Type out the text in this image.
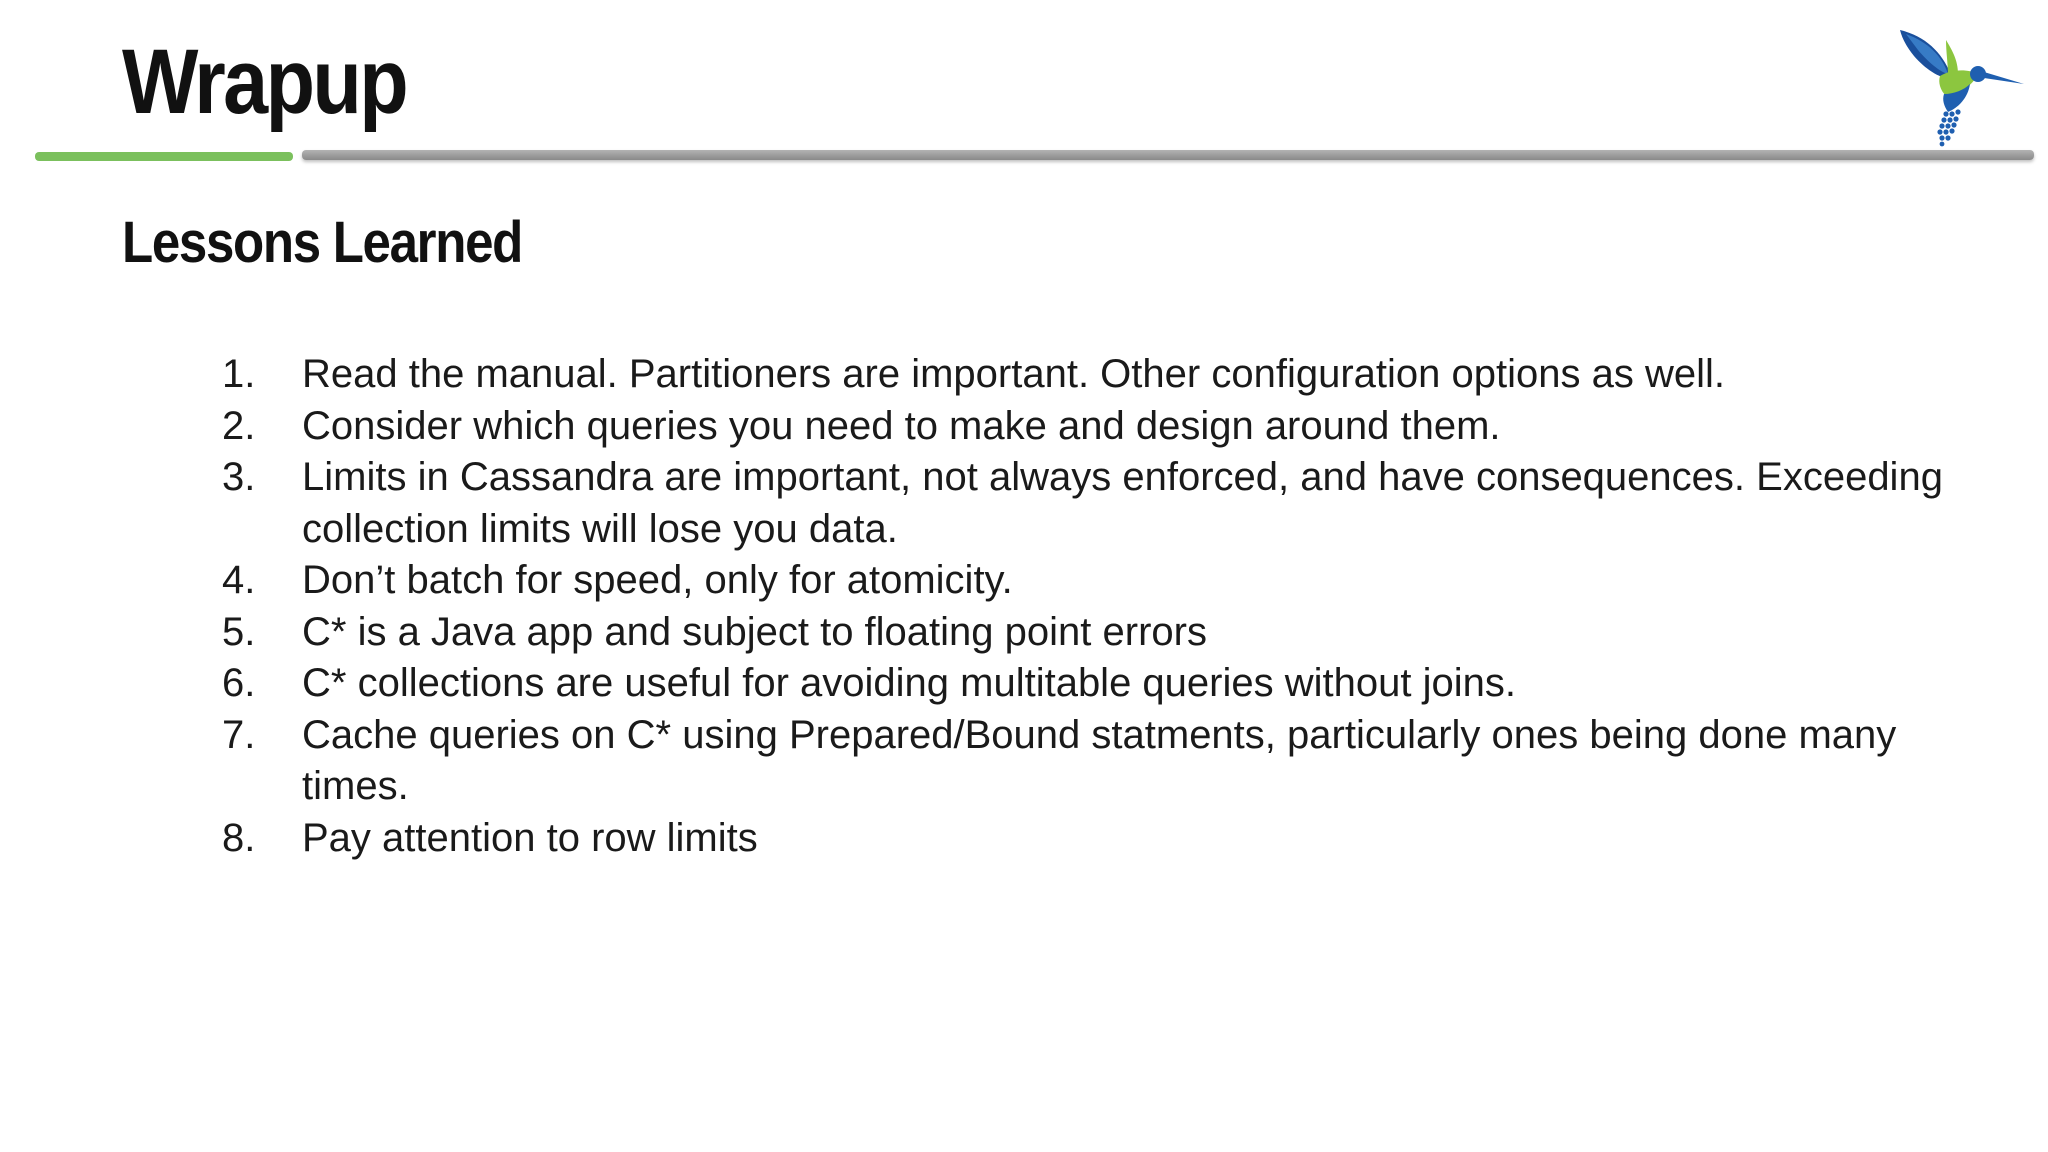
Wrapup
Lessons Learned
1.	Read the manual. Partitioners are important. Other configuration options as well.
2.	Consider which queries you need to make and design around them.
3.	Limits in Cassandra are important, not always enforced, and have consequences. Exceeding collection limits will lose you data.
4.	Don’t batch for speed, only for atomicity.
5.	C* is a Java app and subject to floating point errors
6.	C* collections are useful for avoiding multitable queries without joins.
7.	Cache queries on C* using Prepared/Bound statments, particularly ones being done many times.
8.	Pay attention to row limits
